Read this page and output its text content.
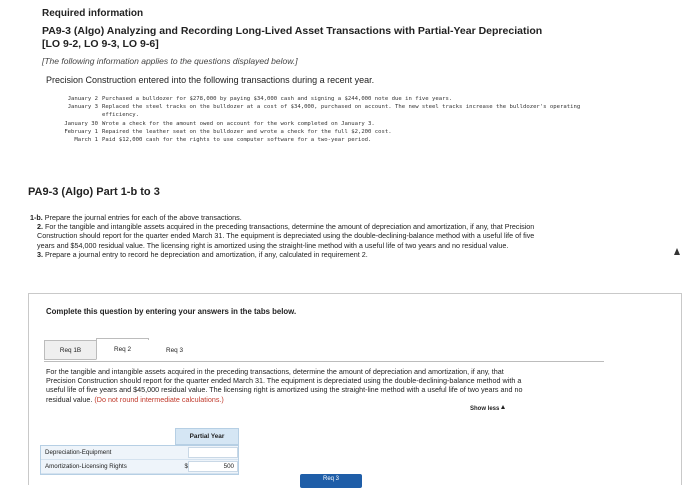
Required information
PA9-3 (Algo) Analyzing and Recording Long-Lived Asset Transactions with Partial-Year Depreciation [LO 9-2, LO 9-3, LO 9-6]
[The following information applies to the questions displayed below.]
Precision Construction entered into the following transactions during a recent year.
January 2 Purchased a bulldozer for $278,000 by paying $34,000 cash and signing a $244,000 note due in five years.
January 3 Replaced the steel tracks on the bulldozer at a cost of $34,000, purchased on account. The new steel tracks increase the bulldozer's operating efficiency.
January 30 Wrote a check for the amount owed on account for the work completed on January 3.
February 1 Repaired the leather seat on the bulldozer and wrote a check for the full $2,200 cost.
March 1 Paid $12,000 cash for the rights to use computer software for a two-year period.
PA9-3 (Algo) Part 1-b to 3

1-b. Prepare the journal entries for each of the above transactions.

2. For the tangible and intangible assets acquired in the preceding transactions, determine the amount of depreciation and amortization, if any, that Precision Construction should report for the quarter ended March 31. The equipment is depreciated using the double-declining-balance method with a useful life of five years and $54,000 residual value. The licensing right is amortized using the straight-line method with a useful life of two years and no residual value.

3. Prepare a journal entry to record he depreciation and amortization, if any, calculated in requirement 2.

Complete this question by entering your answers in the tabs below.
Req 1B	Req 2	Req 3
For the tangible and intangible assets acquired in the preceding transactions, determine the amount of depreciation and amortization, if any, that Precision Construction should report for the quarter ended March 31. The equipment is depreciated using the double-declining-balance method with a useful life of five years and $45,000 residual value. The licensing right is amortized using the straight-line method with a useful life of two years and no residual value. (Do not round intermediate calculations.)
Show less
Partial Year
Depreciation-Equipment
Amortization-Licensing Rights	$	500
Req 3
